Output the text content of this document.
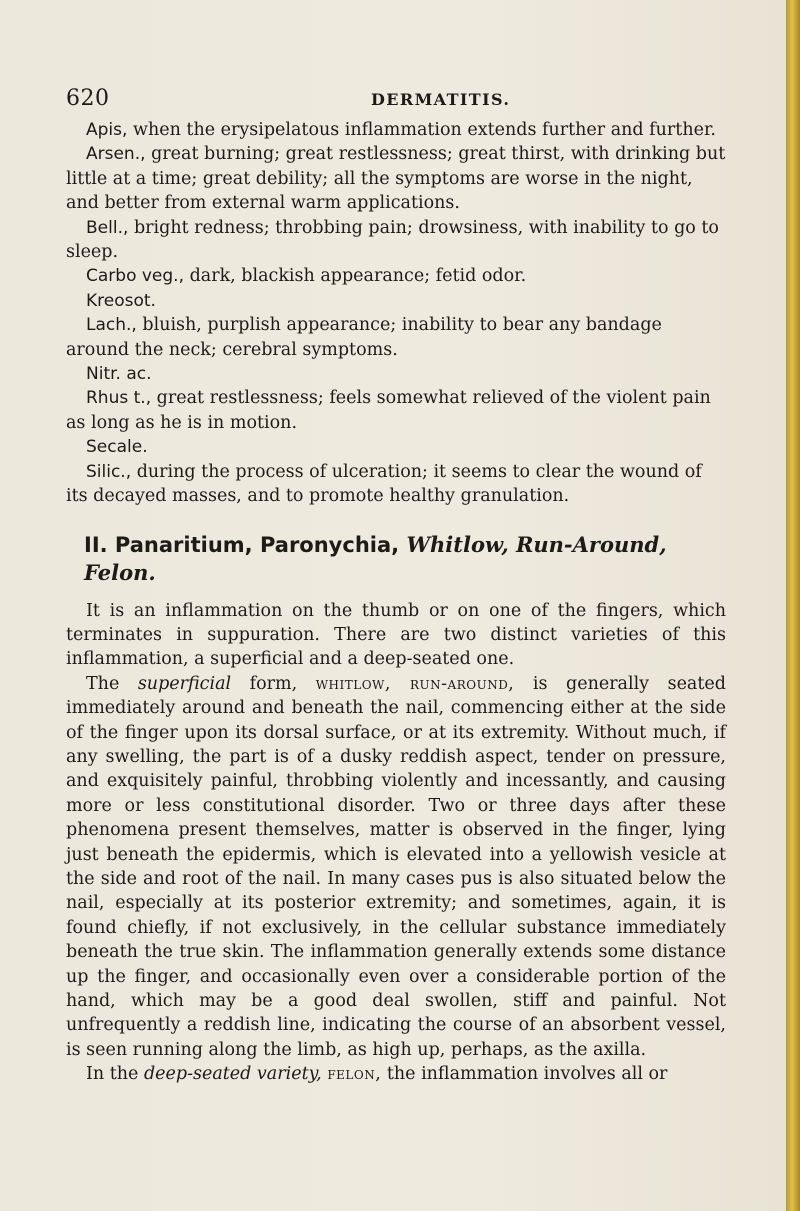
620	DERMATITIS.

Apis, when the erysipelatous inflammation extends further and further.

Arsen., great burning; great restlessness; great thirst, with drinking but little at a time; great debility; all the symptoms are worse in the night, and better from external warm applications.

Bell., bright redness; throbbing pain; drowsiness, with inability to go to sleep.

Carbo veg., dark, blackish appearance; fetid odor.

Kreosot.

Lach., bluish, purplish appearance; inability to bear any bandage around the neck; cerebral symptoms.

Nitr. ac.

Rhus t., great restlessness; feels somewhat relieved of the violent pain as long as he is in motion.

Secale.

Silic., during the process of ulceration; it seems to clear the wound of its decayed masses, and to promote healthy granulation.

II. Panaritium, Paronychia, Whitlow, Run-Around, Felon.

It is an inflammation on the thumb or on one of the fingers, which terminates in suppuration. There are two distinct varieties of this inflammation, a superficial and a deep-seated one.

The superficial form, whitlow, run-around, is generally seated immediately around and beneath the nail, commencing either at the side of the finger upon its dorsal surface, or at its extremity. Without much, if any swelling, the part is of a dusky reddish aspect, tender on pressure, and exquisitely painful, throbbing violently and incessantly, and causing more or less constitutional disorder. Two or three days after these phenomena present themselves, matter is observed in the finger, lying just beneath the epidermis, which is elevated into a yellowish vesicle at the side and root of the nail. In many cases pus is also situated below the nail, especially at its posterior extremity; and sometimes, again, it is found chiefly, if not exclusively, in the cellular substance immediately beneath the true skin. The inflammation generally extends some distance up the finger, and occasionally even over a considerable portion of the hand, which may be a good deal swollen, stiff and painful. Not unfrequently a reddish line, indicating the course of an absorbent vessel, is seen running along the limb, as high up, perhaps, as the axilla.

In the deep-seated variety, felon, the inflammation involves all or
